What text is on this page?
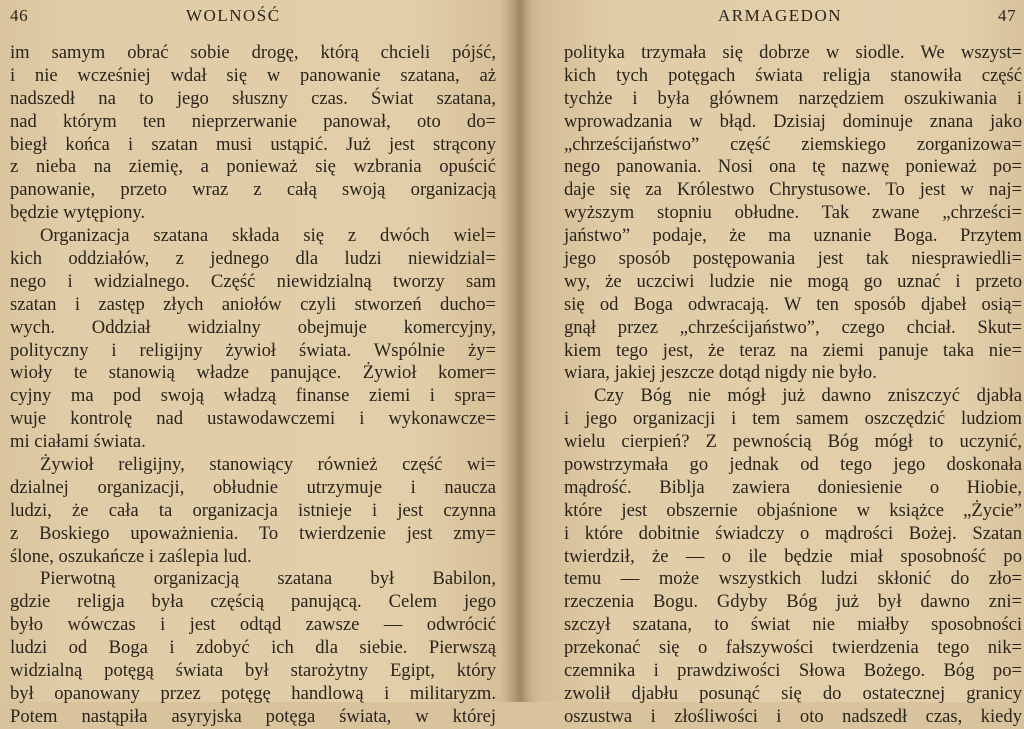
46	WOLNOŚĆ
im samym obrać sobie drogę, którą chcieli pójść,
i nie wcześniej wdał się w panowanie szatana, aż
nadszedł na to jego słuszny czas. Świat szatana,
nad którym ten nieprzerwanie panował, oto do=
biegł końca i szatan musi ustąpić. Już jest strącony
z nieba na ziemię, a ponieważ się wzbrania opuścić
panowanie, przeto wraz z całą swoją organizacją
będzie wytępiony.
Organizacja szatana składa się z dwóch wiel=
kich oddziałów, z jednego dla ludzi niewidzial=
nego i widzialnego. Część niewidzialną tworzy sam
szatan i zastęp złych aniołów czyli stworzeń ducho=
wych. Oddział widzialny obejmuje komercyjny,
polityczny i religijny żywioł świata. Wspólnie ży=
wioły te stanowią władze panujące. Żywioł komer=
cyjny ma pod swoją władzą finanse ziemi i spra=
wuje kontrolę nad ustawodawczemi i wykonawcze=
mi ciałami świata.
Żywioł religijny, stanowiący również część wi=
dzialnej organizacji, obłudnie utrzymuje i naucza
ludzi, że cała ta organizacja istnieje i jest czynna
z Boskiego upoważnienia. To twierdzenie jest zmy=
ślone, oszukańcze i zaślepia lud.
Pierwotną organizacją szatana był Babilon,
gdzie religja była częścią panującą. Celem jego
było wówczas i jest odtąd zawsze — odwrócić
ludzi od Boga i zdobyć ich dla siebie. Pierwszą
widzialną potęgą świata był starożytny Egipt, który
był opanowany przez potęgę handlową i militaryzm.
Potem nastąpiła asyryjska potęga świata, w której
ARMAGEDON	47
polityka trzymała się dobrze w siodle. We wszyst=
kich tych potęgach świata religja stanowiła część
tychże i była głównem narzędziem oszukiwania i
wprowadzania w błąd. Dzisiaj dominuje znana jako
„chrześcijaństwo” część ziemskiego zorganizowa=
nego panowania. Nosi ona tę nazwę ponieważ po=
daje się za Królestwo Chrystusowe. To jest w naj=
wyższym stopniu obłudne. Tak zwane „chrześci=
jaństwo” podaje, że ma uznanie Boga. Przytem
jego sposób postępowania jest tak niesprawiedli=
wy, że uczciwi ludzie nie mogą go uznać i przeto
się od Boga odwracają. W ten sposób djabeł osią=
gnął przez „chrześcijaństwo”, czego chciał. Skut=
kiem tego jest, że teraz na ziemi panuje taka nie=
wiara, jakiej jeszcze dotąd nigdy nie było.
Czy Bóg nie mógł już dawno zniszczyć djabła
i jego organizacji i tem samem oszczędzić ludziom
wielu cierpień? Z pewnością Bóg mógł to uczynić,
powstrzymała go jednak od tego jego doskonała
mądrość. Biblja zawiera doniesienie o Hiobie,
które jest obszernie objaśnione w książce „Życie”
i które dobitnie świadczy o mądrości Bożej. Szatan
twierdził, że — o ile będzie miał sposobność po
temu — może wszystkich ludzi skłonić do zło=
rzeczenia Bogu. Gdyby Bóg już był dawno zni=
szczył szatana, to świat nie miałby sposobności
przekonać się o fałszywości twierdzenia tego nik=
czemnika i prawdziwości Słowa Bożego. Bóg po=
zwolił djabłu posunąć się do ostatecznej granicy
oszustwa i złośliwości i oto nadszedł czas, kiedy
